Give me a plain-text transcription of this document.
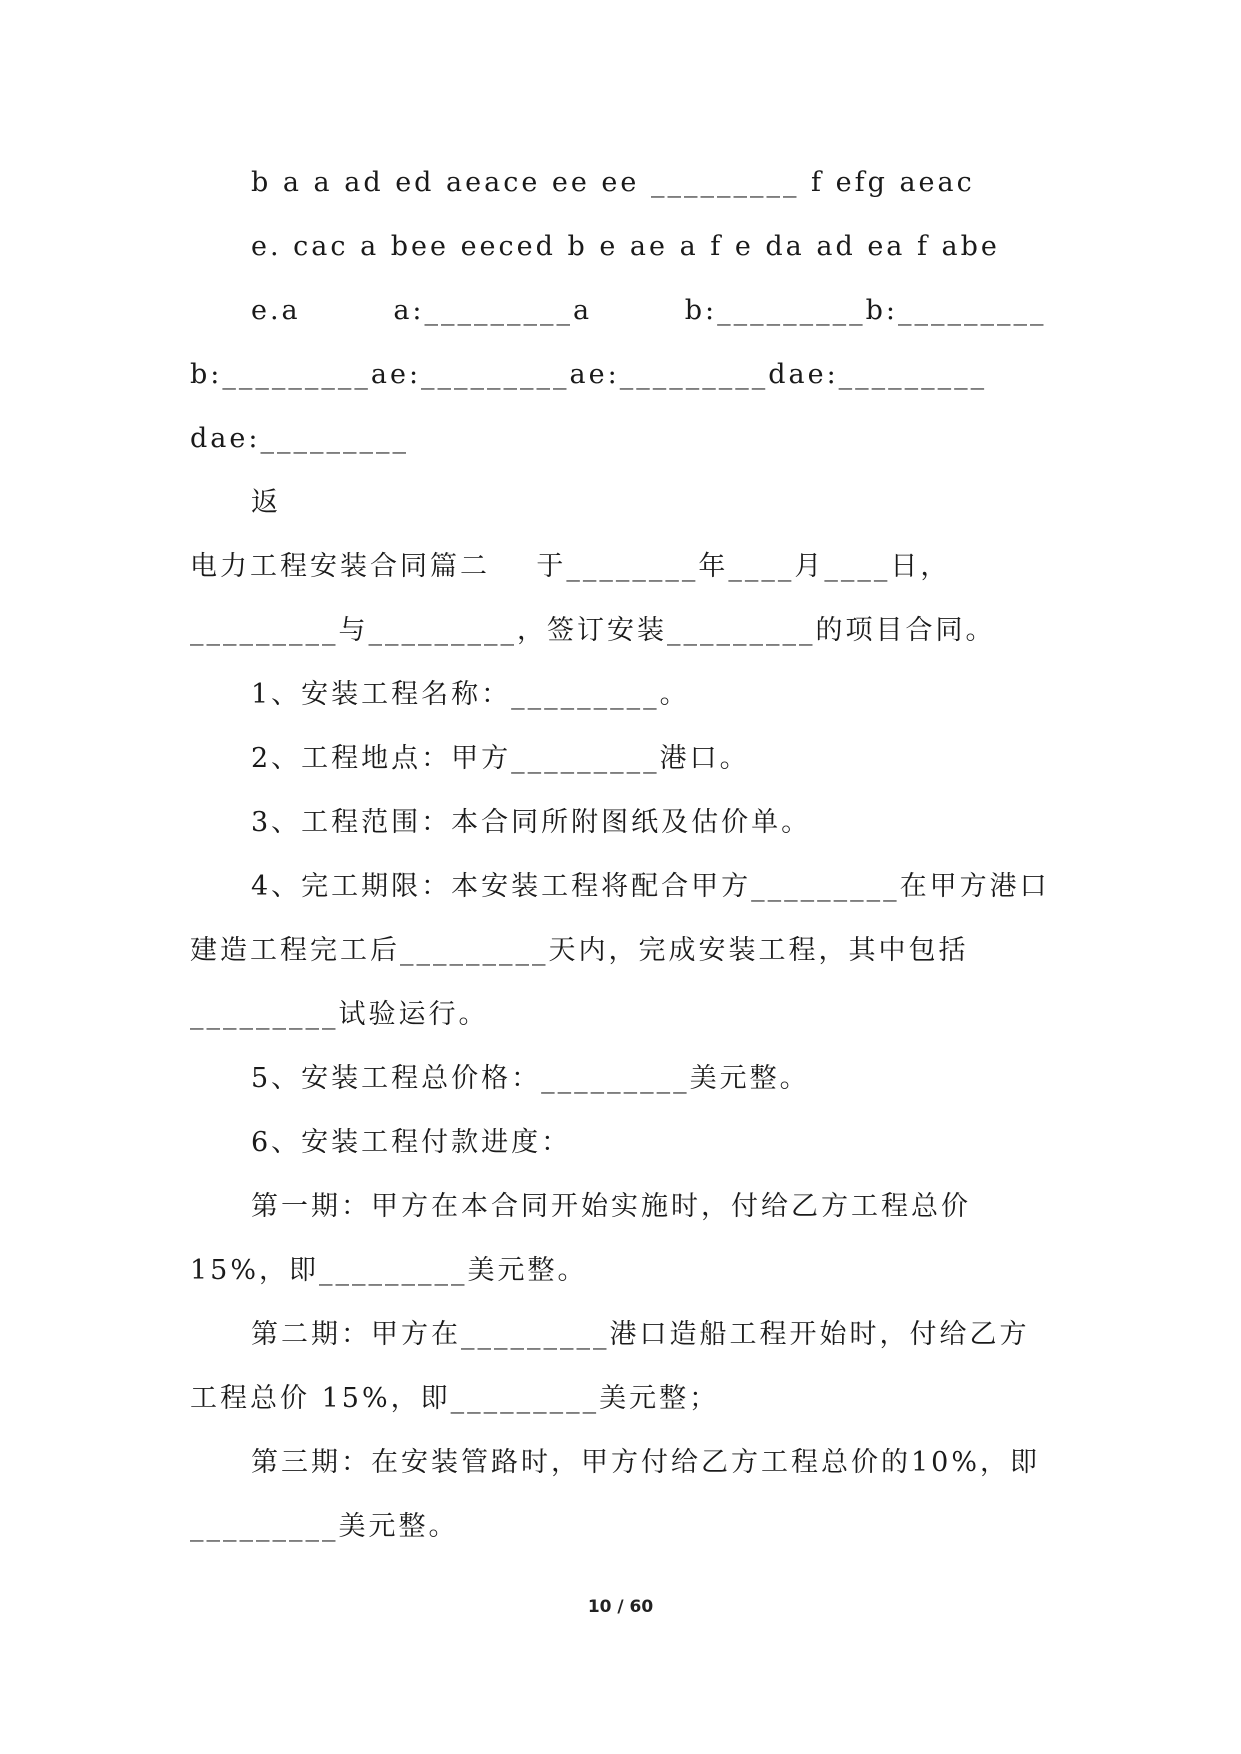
b a a ad ed aeace ee ee _________ f efg aeac
e. cac a bee eeced b e ae a f e da ad ea f abe
e.a        a:_________a        b:_________b:_________
b:_________ae:_________ae:_________dae:_________
dae:_________
返
电力工程安装合同篇二    于________年____月____日，
_________与_________，签订安装_________的项目合同。
1、安装工程名称：_________。
2、工程地点：甲方_________港口。
3、工程范围：本合同所附图纸及估价单。
4、完工期限：本安装工程将配合甲方_________在甲方港口
建造工程完工后_________天内，完成安装工程，其中包括
_________试验运行。
5、安装工程总价格：_________美元整。
6、安装工程付款进度：
第一期：甲方在本合同开始实施时，付给乙方工程总价
15%，即_________美元整。
第二期：甲方在_________港口造船工程开始时，付给乙方
工程总价 15%，即_________美元整；
第三期：在安装管路时，甲方付给乙方工程总价的10%，即
_________美元整。
10 / 60
